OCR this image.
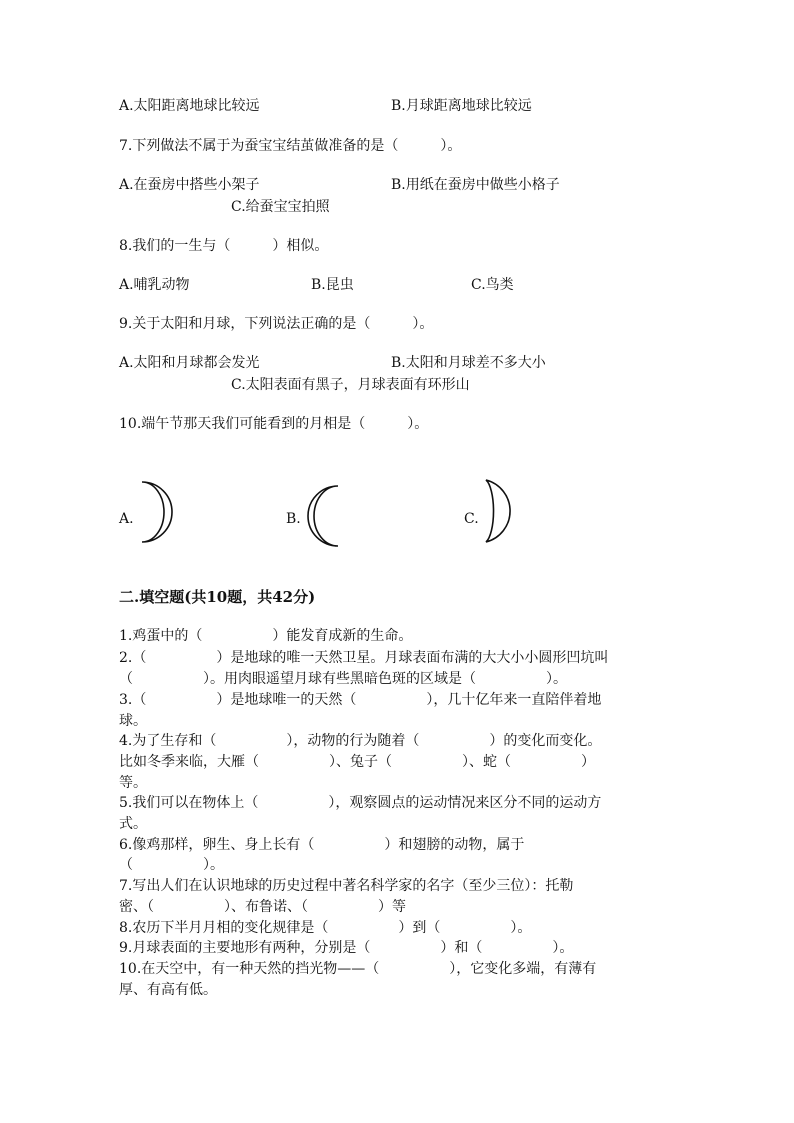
A.太阳距离地球比较远	B.月球距离地球比较远
7.下列做法不属于为蚕宝宝结茧做准备的是（　　　）。
A.在蚕房中搭些小架子	B.用纸在蚕房中做些小格子
C.给蚕宝宝拍照
8.我们的一生与（　　　）相似。
A.哺乳动物	B.昆虫	C.鸟类
9.关于太阳和月球，下列说法正确的是（　　　）。
A.太阳和月球都会发光	B.太阳和月球差不多大小
C.太阳表面有黑子，月球表面有环形山
10.端午节那天我们可能看到的月相是（　　　）。
A.	B.	C.
二.填空题(共10题，共42分)
1.鸡蛋中的（　　　　　）能发育成新的生命。
2.（　　　　　）是地球的唯一天然卫星。月球表面布满的大大小小圆形凹坑叫
（　　　　　）。用肉眼遥望月球有些黑暗色斑的区域是（　　　　　）。
3.（　　　　　）是地球唯一的天然（　　　　　），几十亿年来一直陪伴着地
球。
4.为了生存和（　　　　　），动物的行为随着（　　　　　）的变化而变化。
比如冬季来临，大雁（　　　　　）、兔子（　　　　　）、蛇（　　　　　）
等。
5.我们可以在物体上（　　　　　），观察圆点的运动情况来区分不同的运动方
式。
6.像鸡那样，卵生、身上长有（　　　　　）和翅膀的动物，属于
（　　　　　）。
7.写出人们在认识地球的历史过程中著名科学家的名字（至少三位）：托勒
密、（　　　　　）、布鲁诺、（　　　　　）等
8.农历下半月月相的变化规律是（　　　　　）到（　　　　　）。
9.月球表面的主要地形有两种，分别是（　　　　　）和（　　　　　）。
10.在天空中，有一种天然的挡光物——（　　　　　），它变化多端，有薄有
厚、有高有低。
